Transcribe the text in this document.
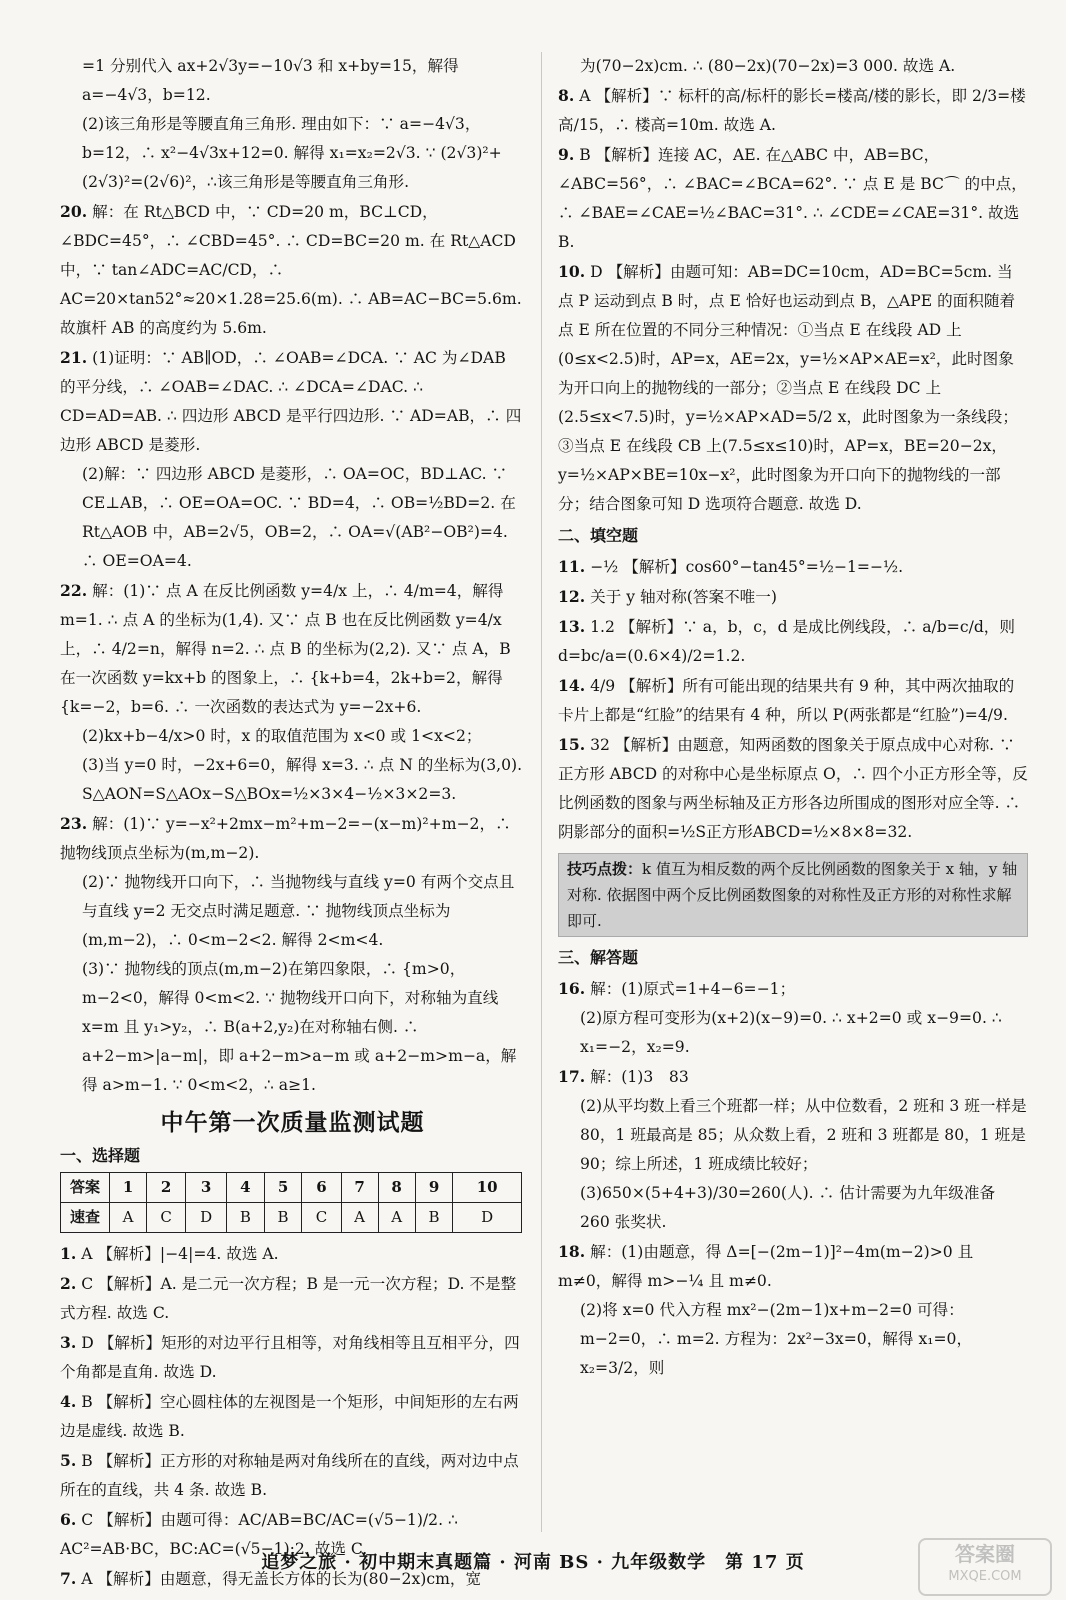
=1 分别代入 ax+2√3y=−10√3 和 x+by=15，解得 a=−4√3，b=12.
(2)该三角形是等腰直角三角形. 理由如下：∵ a=−4√3，b=12，∴ x²−4√3x+12=0. 解得 x₁=x₂=2√3. ∵ (2√3)²+(2√3)²=(2√6)²，∴该三角形是等腰直角三角形.
20. 解：在 Rt△BCD 中，∵ CD=20 m，BC⊥CD，∠BDC=45°，∴ ∠CBD=45°. ∴ CD=BC=20 m. 在 Rt△ACD 中，∵ tan∠ADC=AC/CD，∴ AC=20×tan52°≈20×1.28=25.6(m). ∴ AB=AC−BC=5.6m. 故旗杆 AB 的高度约为 5.6m.
21. (1)证明：∵ AB∥OD，∴ ∠OAB=∠DCA. ∵ AC 为∠DAB 的平分线，∴ ∠OAB=∠DAC. ∴ ∠DCA=∠DAC. ∴ CD=AD=AB. ∴ 四边形 ABCD 是平行四边形. ∵ AD=AB，∴ 四边形 ABCD 是菱形.
(2)解：∵ 四边形 ABCD 是菱形，∴ OA=OC，BD⊥AC. ∵ CE⊥AB，∴ OE=OA=OC. ∵ BD=4，∴ OB=½BD=2. 在 Rt△AOB 中，AB=2√5，OB=2，∴ OA=√(AB²−OB²)=4. ∴ OE=OA=4.
22. 解：(1)∵ 点 A 在反比例函数 y=4/x 上，∴ 4/m=4，解得 m=1. ∴ 点 A 的坐标为(1,4). 又∵ 点 B 也在反比例函数 y=4/x 上，∴ 4/2=n，解得 n=2. ∴ 点 B 的坐标为(2,2). 又∵ 点 A，B 在一次函数 y=kx+b 的图象上，∴ {k+b=4，2k+b=2，解得 {k=−2，b=6. ∴ 一次函数的表达式为 y=−2x+6.
(2)kx+b−4/x>0 时，x 的取值范围为 x<0 或 1<x<2；
(3)当 y=0 时，−2x+6=0，解得 x=3. ∴ 点 N 的坐标为(3,0). S△AON=S△AOx−S△BOx=½×3×4−½×3×2=3.
23. 解：(1)∵ y=−x²+2mx−m²+m−2=−(x−m)²+m−2，∴ 抛物线顶点坐标为(m,m−2).
(2)∵ 抛物线开口向下，∴ 当抛物线与直线 y=0 有两个交点且与直线 y=2 无交点时满足题意. ∵ 抛物线顶点坐标为(m,m−2)，∴ 0<m−2<2. 解得 2<m<4.
(3)∵ 抛物线的顶点(m,m−2)在第四象限，∴ {m>0，m−2<0，解得 0<m<2. ∵ 抛物线开口向下，对称轴为直线 x=m 且 y₁>y₂，∴ B(a+2,y₂)在对称轴右侧. ∴ a+2−m>|a−m|，即 a+2−m>a−m 或 a+2−m>m−a，解得 a>m−1. ∵ 0<m<2，∴ a≥1.
中午第一次质量监测试题
一、选择题
答案	1	2	3	4	5	6	7	8	9	10
速查	A	C	D	B	B	C	A	A	B	D
1. A 【解析】|−4|=4. 故选 A.
2. C 【解析】A. 是二元一次方程；B 是一元一次方程；D. 不是整式方程. 故选 C.
3. D 【解析】矩形的对边平行且相等，对角线相等且互相平分，四个角都是直角. 故选 D.
4. B 【解析】空心圆柱体的左视图是一个矩形，中间矩形的左右两边是虚线. 故选 B.
5. B 【解析】正方形的对称轴是两对角线所在的直线，两对边中点所在的直线，共 4 条. 故选 B.
6. C 【解析】由题可得：AC/AB=BC/AC=(√5−1)/2. ∴ AC²=AB·BC，BC:AC=(√5−1):2. 故选 C.
7. A 【解析】由题意，得无盖长方体的长为(80−2x)cm，宽
为(70−2x)cm. ∴ (80−2x)(70−2x)=3 000. 故选 A.
8. A 【解析】∵ 标杆的高/标杆的影长=楼高/楼的影长，即 2/3=楼高/15，∴ 楼高=10m. 故选 A.
9. B 【解析】连接 AC，AE. 在△ABC 中，AB=BC，∠ABC=56°，∴ ∠BAC=∠BCA=62°. ∵ 点 E 是 BC⌒ 的中点，∴ ∠BAE=∠CAE=½∠BAC=31°. ∴ ∠CDE=∠CAE=31°. 故选 B.
10. D 【解析】由题可知：AB=DC=10cm，AD=BC=5cm. 当点 P 运动到点 B 时，点 E 恰好也运动到点 B，△APE 的面积随着点 E 所在位置的不同分三种情况：①当点 E 在线段 AD 上(0≤x<2.5)时，AP=x，AE=2x，y=½×AP×AE=x²，此时图象为开口向上的抛物线的一部分；②当点 E 在线段 DC 上(2.5≤x<7.5)时，y=½×AP×AD=5/2 x，此时图象为一条线段；③当点 E 在线段 CB 上(7.5≤x≤10)时，AP=x，BE=20−2x，y=½×AP×BE=10x−x²，此时图象为开口向下的抛物线的一部分；结合图象可知 D 选项符合题意. 故选 D.
二、填空题
11. −½ 【解析】cos60°−tan45°=½−1=−½.
12. 关于 y 轴对称(答案不唯一)
13. 1.2 【解析】∵ a，b，c，d 是成比例线段，∴ a/b=c/d，则 d=bc/a=(0.6×4)/2=1.2.
14. 4/9 【解析】所有可能出现的结果共有 9 种，其中两次抽取的卡片上都是“红脸”的结果有 4 种，所以 P(两张都是“红脸”)=4/9.
15. 32 【解析】由题意，知两函数的图象关于原点成中心对称. ∵ 正方形 ABCD 的对称中心是坐标原点 O，∴ 四个小正方形全等，反比例函数的图象与两坐标轴及正方形各边所围成的图形对应全等. ∴ 阴影部分的面积=½S正方形ABCD=½×8×8=32.
技巧点拨：k 值互为相反数的两个反比例函数的图象关于 x 轴，y 轴对称. 依据图中两个反比例函数图象的对称性及正方形的对称性求解即可.
三、解答题
16. 解：(1)原式=1+4−6=−1；
(2)原方程可变形为(x+2)(x−9)=0. ∴ x+2=0 或 x−9=0. ∴ x₁=−2，x₂=9.
17. 解：(1)3　83
(2)从平均数上看三个班都一样；从中位数看，2 班和 3 班一样是 80，1 班最高是 85；从众数上看，2 班和 3 班都是 80，1 班是 90；综上所述，1 班成绩比较好；
(3)650×(5+4+3)/30=260(人). ∴ 估计需要为九年级准备 260 张奖状.
18. 解：(1)由题意，得 Δ=[−(2m−1)]²−4m(m−2)>0 且 m≠0，解得 m>−¼ 且 m≠0.
(2)将 x=0 代入方程 mx²−(2m−1)x+m−2=0 可得：m−2=0，∴ m=2. 方程为：2x²−3x=0，解得 x₁=0，x₂=3/2，则
追梦之旅 · 初中期末真题篇 · 河南 BS · 九年级数学　第 17 页	答案圈
MXQE.COM
